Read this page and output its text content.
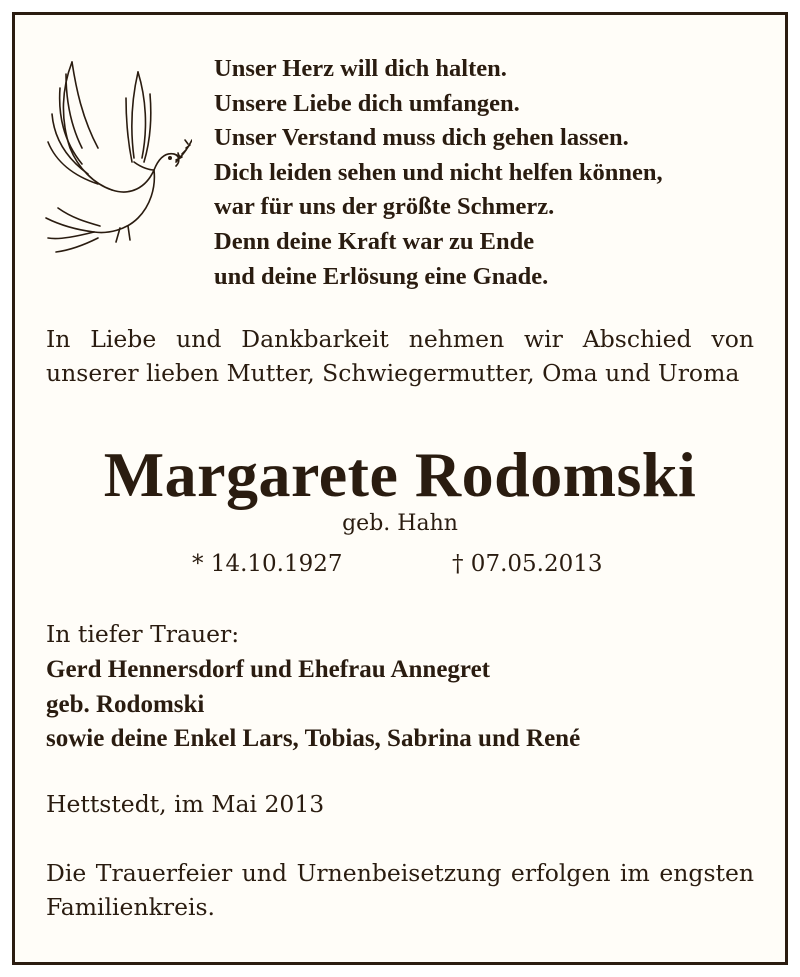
Unser Herz will dich halten.
Unsere Liebe dich umfangen.
Unser Verstand muss dich gehen lassen.
Dich leiden sehen und nicht helfen können,
war für uns der größte Schmerz.
Denn deine Kraft war zu Ende
und deine Erlösung eine Gnade.
In Liebe und Dankbarkeit nehmen wir Abschied von unserer lieben Mutter, Schwiegermutter, Oma und Uroma
Margarete Rodomski
geb. Hahn
* 14.10.1927	† 07.05.2013
In tiefer Trauer:
Gerd Hennersdorf und Ehefrau Annegret
geb. Rodomski
sowie deine Enkel Lars, Tobias, Sabrina und René
Hettstedt, im Mai 2013
Die Trauerfeier und Urnenbeisetzung erfolgen im engsten Familienkreis.
